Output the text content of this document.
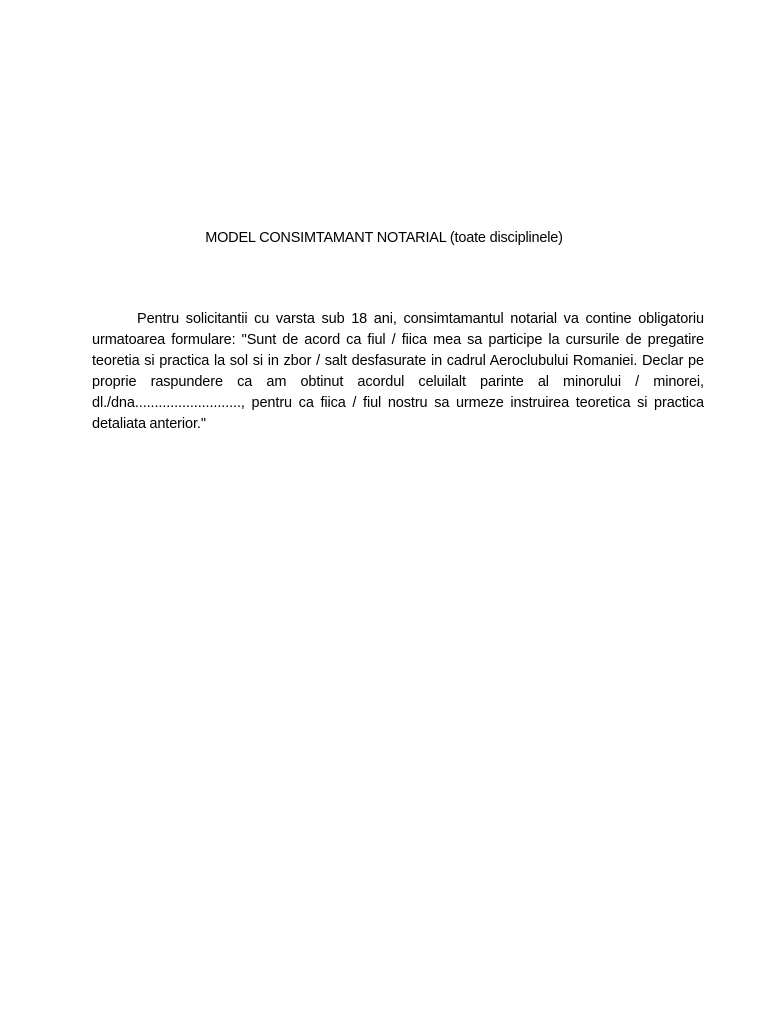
MODEL CONSIMTAMANT NOTARIAL (toate disciplinele)

Pentru solicitantii cu varsta sub 18 ani, consimtamantul notarial va contine obligatoriu urmatoarea formulare: "Sunt de acord ca fiul / fiica mea sa participe la cursurile de pregatire teoretia si practica la sol si in zbor / salt desfasurate in cadrul Aeroclubului Romaniei. Declar pe proprie raspundere ca am obtinut acordul celuilalt parinte al minorului / minorei, dl./dna..........................., pentru ca fiica / fiul nostru sa urmeze instruirea teoretica si practica detaliata anterior."
